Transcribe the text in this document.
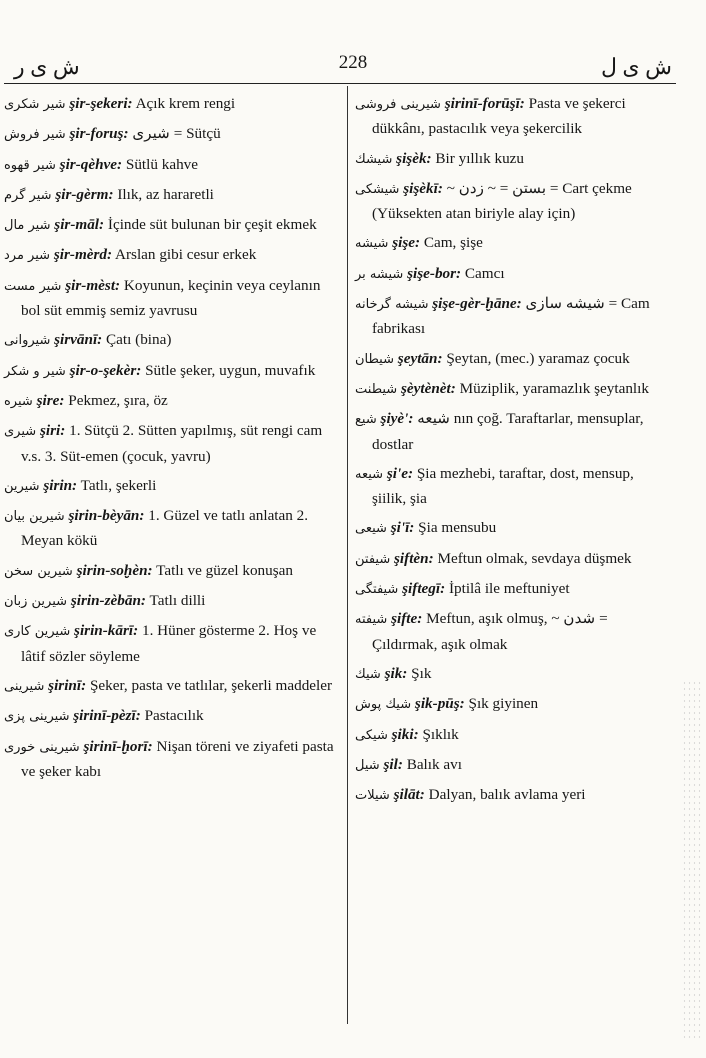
ش ى ر	228	ش ى ل
شير شكرى şir-şekeri: Açık krem rengi
شير فروش şir-foruş: شيرى = Sütçü
شير قهوه şir-qèhve: Sütlü kahve
شير گرم şir-gèrm: Ilık, az hararetli
شير مال şir-māl: İçinde süt bulunan bir çeşit ekmek
شير مرد şir-mèrd: Arslan gibi cesur erkek
شير مست şir-mèst: Koyunun, keçinin veya ceylanın bol süt emmiş semiz yavrusu
شيروانى şirvānī: Çatı (bina)
شير و شكر şir-o-şekèr: Sütle şeker, uygun, muvafık
شيره şire: Pekmez, şıra, öz
شيرى şiri: 1. Sütçü 2. Sütten yapılmış, süt rengi cam v.s. 3. Süt-emen (çocuk, yavru)
شيرين şirin: Tatlı, şekerli
شيرين بيان şirin-bèyān: 1. Güzel ve tatlı anlatan 2. Meyan kökü
شيرين سخن şirin-soḫèn: Tatlı ve güzel konuşan
شيرين زبان şirin-zèbān: Tatlı dilli
شيرين كارى şirin-kārī: 1. Hüner gösterme 2. Hoş ve lâtif sözler söyleme
شيرينى şirinī: Şeker, pasta ve tatlılar, şekerli maddeler
شيرينى پزى şirinī-pèzī: Pastacılık
شيرينى خورى şirinī-ḫorī: Nişan töreni ve ziyafeti pasta ve şeker kabı
شيرينى فروشى şirinī-forūşī: Pasta ve şekerci dükkânı, pastacılık veya şekercilik
شيشك şişèk: Bir yıllık kuzu
شيشكى şişèkī: ~ بستن = ~ زدن = Cart çekme (Yüksekten atan biriyle alay için)
شيشه şişe: Cam, şişe
شيشه بر şişe-bor: Camcı
شيشه گرخانه şişe-gèr-ḫāne: شيشه سازى = Cam fabrikası
شيطان şeytān: Şeytan, (mec.) yaramaz çocuk
شيطنت şèytènèt: Müziplik, yaramazlık şeytanlık
شيع şiyè': شيعه nın çoğ. Taraftarlar, mensuplar, dostlar
شيعه şi'e: Şia mezhebi, taraftar, dost, mensup, şiilik, şia
شيعى şi'ī: Şia mensubu
شيفتن şiftèn: Meftun olmak, sevdaya düşmek
شيفتگى şiftegī: İptilâ ile meftuniyet
شيفته şifte: Meftun, aşık olmuş, ~ شدن = Çıldırmak, aşık olmak
شيك şik: Şık
شيك پوش şik-pūş: Şık giyinen
شيكى şiki: Şıklık
شيل şil: Balık avı
شيلات şilāt: Dalyan, balık avlama yeri
